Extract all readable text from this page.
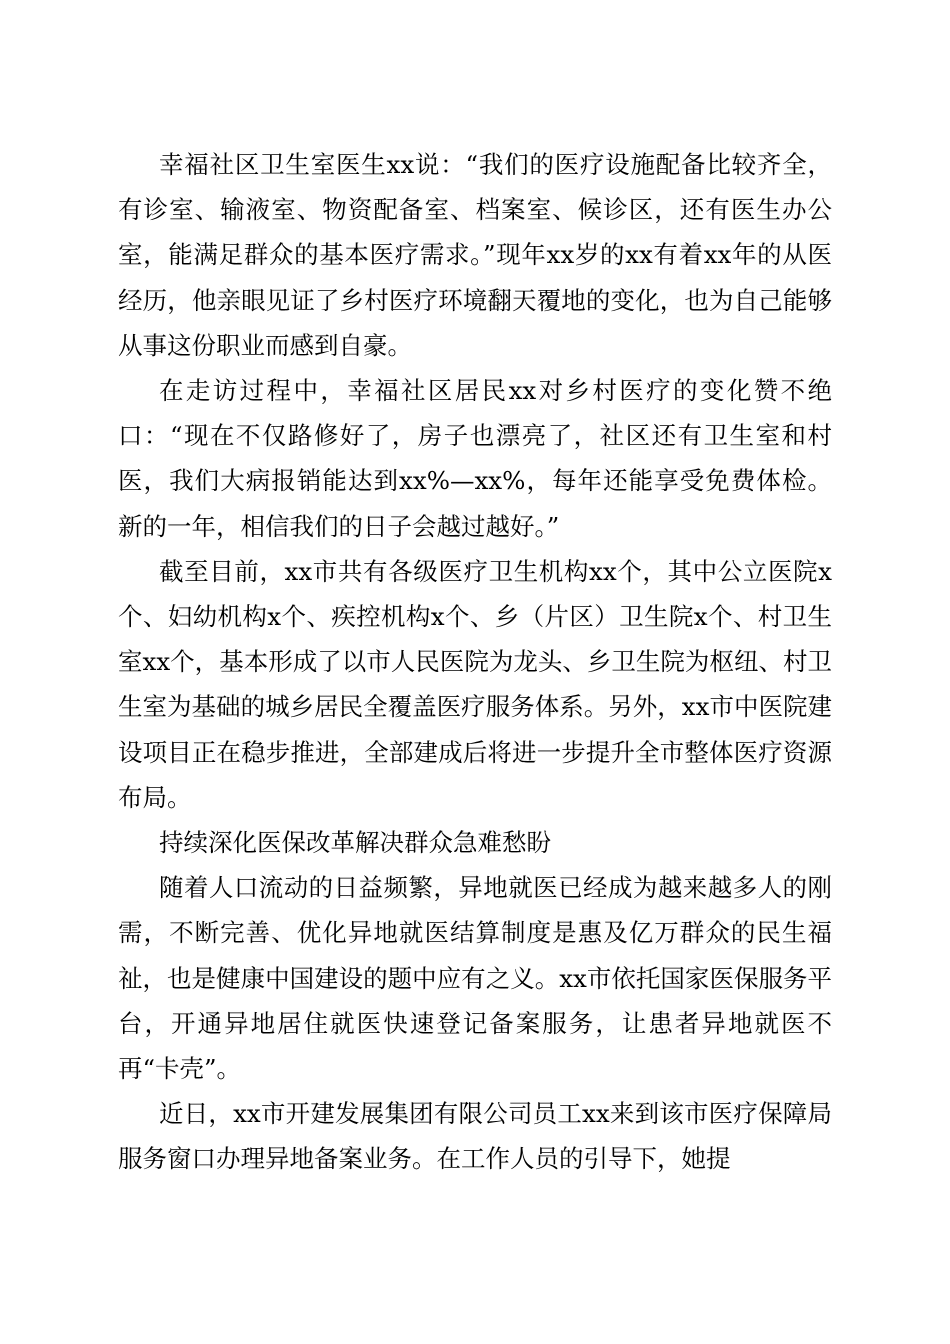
幸福社区卫生室医生xx说：“我们的医疗设施配备比较齐全，有诊室、输液室、物资配备室、档案室、候诊区，还有医生办公室，能满足群众的基本医疗需求。”现年xx岁的xx有着xx年的从医经历，他亲眼见证了乡村医疗环境翻天覆地的变化，也为自己能够从事这份职业而感到自豪。

在走访过程中，幸福社区居民xx对乡村医疗的变化赞不绝口：“现在不仅路修好了，房子也漂亮了，社区还有卫生室和村医，我们大病报销能达到xx%—xx%，每年还能享受免费体检。新的一年，相信我们的日子会越过越好。”

截至目前，xx市共有各级医疗卫生机构xx个，其中公立医院x个、妇幼机构x个、疾控机构x个、乡（片区）卫生院x个、村卫生室xx个，基本形成了以市人民医院为龙头、乡卫生院为枢纽、村卫生室为基础的城乡居民全覆盖医疗服务体系。另外，xx市中医院建设项目正在稳步推进，全部建成后将进一步提升全市整体医疗资源布局。

持续深化医保改革解决群众急难愁盼

随着人口流动的日益频繁，异地就医已经成为越来越多人的刚需，不断完善、优化异地就医结算制度是惠及亿万群众的民生福祉，也是健康中国建设的题中应有之义。xx市依托国家医保服务平台，开通异地居住就医快速登记备案服务，让患者异地就医不再“卡壳”。

近日，xx市开建发展集团有限公司员工xx来到该市医疗保障局服务窗口办理异地备案业务。在工作人员的引导下，她提
